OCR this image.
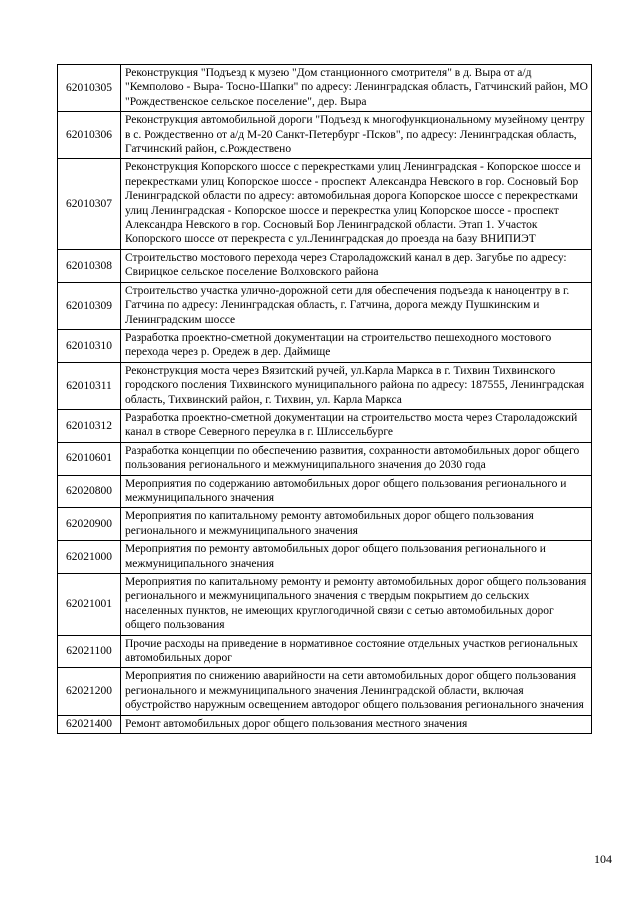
62010305	Реконструкция "Подъезд к музею "Дом станционного смотрителя" в д. Выра от а/д "Кемполово - Выра- Тосно-Шапки" по адресу: Ленинградская область, Гатчинский район, МО "Рождественское сельское поселение", дер. Выра
62010306	Реконструкция автомобильной дороги "Подъезд к многофункциональному музейному центру в с. Рождественно от а/д М-20 Санкт-Петербург -Псков", по адресу: Ленинградская область, Гатчинский район, с.Рождествено
62010307	Реконструкция Копорского шоссе с перекрестками улиц Ленинградская - Копорское шоссе и перекрестками улиц Копорское шоссе - проспект Александра Невского в гор. Сосновый Бор Ленинградской области по адресу: автомобильная дорога Копорское шоссе с перекрестками улиц Ленинградская - Копорское шоссе и перекрестка улиц Копорское шоссе - проспект Александра Невского в гор. Сосновый Бор Ленинградской области. Этап 1. Участок Копорского шоссе от перекреста с ул.Ленинградская до проезда на базу ВНИПИЭТ
62010308	Строительство мостового перехода через Староладожский канал в дер. Загубье по адресу: Свирицкое сельское поселение Волховского района
62010309	Строительство участка улично-дорожной сети для обеспечения подъезда к наноцентру в г. Гатчина по адресу: Ленинградская область, г. Гатчина, дорога между Пушкинским и Ленинградским шоссе
62010310	Разработка проектно-сметной документации на строительство пешеходного мостового перехода через р. Оредеж в дер. Даймище
62010311	Реконструкция моста через Вязитский ручей, ул.Карла Маркса в г. Тихвин Тихвинского городского посления Тихвинского муниципального района по адресу: 187555, Ленинградская область, Тихвинский район, г. Тихвин, ул. Карла Маркса
62010312	Разработка проектно-сметной документации на строительство моста через Староладожский канал в створе Северного переулка в г. Шлиссельбурге
62010601	Разработка концепции по обеспечению развития, сохранности автомобильных дорог общего пользования регионального и межмуниципального значения до 2030 года
62020800	Мероприятия по содержанию автомобильных дорог общего пользования регионального и межмуниципального значения
62020900	Мероприятия по капитальному ремонту автомобильных дорог общего пользования регионального и межмуниципального значения
62021000	Мероприятия по ремонту автомобильных дорог общего пользования регионального и межмуниципального значения
62021001	Мероприятия по капитальному ремонту и ремонту автомобильных дорог общего пользования регионального и межмуниципального значения с твердым покрытием до сельских населенных пунктов, не имеющих круглогодичной связи с сетью автомобильных дорог общего пользования
62021100	Прочие расходы на приведение в нормативное состояние отдельных участков региональных автомобильных дорог
62021200	Мероприятия по снижению аварийности на сети автомобильных дорог общего пользования регионального и межмуниципального значения Ленинградской области, включая обустройство наружным освещением автодорог общего пользования регионального значения
62021400	Ремонт автомобильных дорог общего пользования местного значения
104
